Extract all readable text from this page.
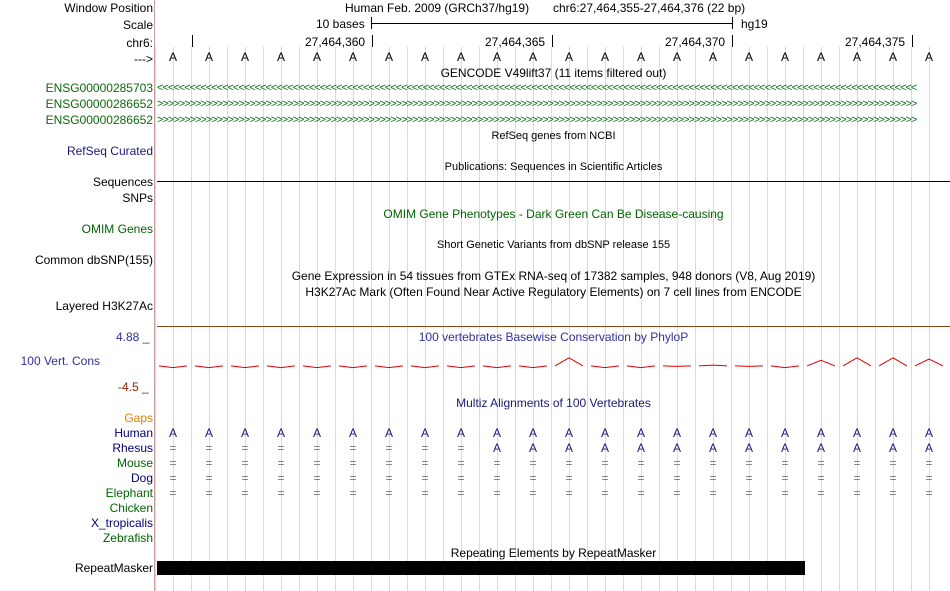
Window Position	Human Feb. 2009 (GRCh37/hg19) chr6:27,464,355-27,464,376 (22 bp)
Scale	10 bases	hg19
chr6:	27,464,360	27,464,365	27,464,370	27,464,375
---> A A A A A A A A A A A A A A A A A A A A A A
GENCODE V49lift37 (11 items filtered out)
ENSG00000285703 <<<<<<<<<<<<<<<<<<<<<<<<<<<<<<<<<<<<<<<<<<<<<<<<<<<<<<<<<<<<<<<<<<<<<<<<<<<<<<<<<<<<<<<<<<<<<<<<<<<<<<<<<<<<<<<<<<<<<<<<<<<<<<<<<<<<<<<<<<<<
ENSG00000286652 >>>>>>>>>>>>>>>>>>>>>>>>>>>>>>>>>>>>>>>>>>>>>>>>>>>>>>>>>>>>>>>>>>>>>>>>>>>>>>>>>>>>>>>>>>>>>>>>>>>>>>>>>>>>>>>>>>>>>>>>>>>>>>>>>>>>>>>>>>>>
ENSG00000286652 >>>>>>>>>>>>>>>>>>>>>>>>>>>>>>>>>>>>>>>>>>>>>>>>>>>>>>>>>>>>>>>>>>>>>>>>>>>>>>>>>>>>>>>>>>>>>>>>>>>>>>>>>>>>>>>>>>>>>>>>>>>>>>>>>>>>>>>>>>>>
RefSeq genes from NCBI
RefSeq Curated
Publications: Sequences in Scientific Articles
Sequences
SNPs
OMIM Gene Phenotypes - Dark Green Can Be Disease-causing
OMIM Genes
Short Genetic Variants from dbSNP release 155
Common dbSNP(155)
Gene Expression in 54 tissues from GTEx RNA-seq of 17382 samples, 948 donors (V8, Aug 2019)
H3K27Ac Mark (Often Found Near Active Regulatory Elements) on 7 cell lines from ENCODE
Layered H3K27Ac
100 vertebrates Basewise Conservation by PhyloP
4.88 _
100 Vert. Cons
-4.5 _
Multiz Alignments of 100 Vertebrates
Gaps
Human A A A A A A A A A A A A A A A A A A A A A A
Rhesus = = = = = = = = = A A A A A A A A A A A A A
Mouse = = = = = = = = = = = = = = = = = = = = = =
Dog = = = = = = = = = = = = = = = = = = = = = =
Elephant = = = = = = = = = = = = = = = = = = = = = =
Chicken
X_tropicalis
Zebrafish
Repeating Elements by RepeatMasker
RepeatMasker
